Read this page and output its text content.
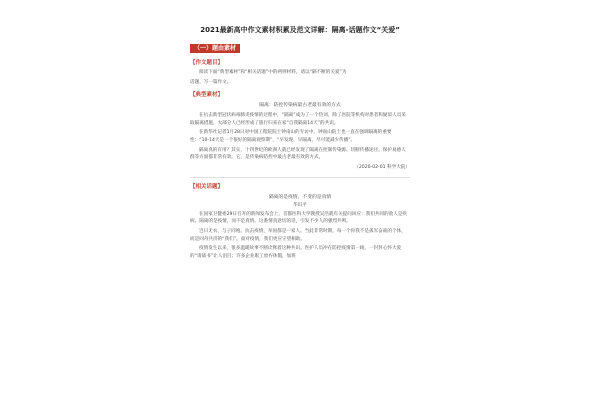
2021最新高中作文素材积累及范文详解：隔离-话题作文“关爱”
（一）题由素材
【作文题目】
阅读下面“典型素材”和“相关话题”中的两则材料，请以“隔不断的关爱”为
话题，写一篇作文。
【典型素材】
隔离：防控传染病最古老最有效的方式
在抗击新型冠状病毒肺炎疫情的过程中，“隔离”成为了一个热词，除了医院等机构对患者和疑似人员采取隔离措施，大部分人已经形成了旅行归来在家“自我隔离14天”的共识。
在新华社记者1月28日对中国工程院院士钟南山的专访中，钟南山院士也一直在强调隔离的重要性：“10-14天是一个很好的隔离观察期”，“早发现、早隔离、尽可能减少传播”。
隔离真的有用？其实，十四世纪的欧洲人就已经发现了隔离在控制传染源、切断传播途径、保护易感人群等方面都非常有效。它，是传染病防控中最古老最有效的方式。
（2020-02-01 科学大院）
【相关话题】
隔离的是疫情，不变的是真情
华识平
在国家卫健委29日召开的新闻发布会上，首都医科大学教授吴浩就有关提问回应：我们共同的敌人是疾病。隔离的是疫情，而不是真情。这番情真意切的话，引发不少人的强烈共鸣。
岂曰无衣，与子同袍。抗击疫情，举国都是一家人。当此非常时期，每一个你我不是孤军奋战的个体，而是同舟共济的“我们”。面对疫情，我们更应守望相助。
疫情发生以来，很多温暖故事不断诠释着这种共识。医护人员冲在防控疫情第一线，一封封心怀大爱的“请战书”让人泪目；许多企业职工放弃休假，加班
